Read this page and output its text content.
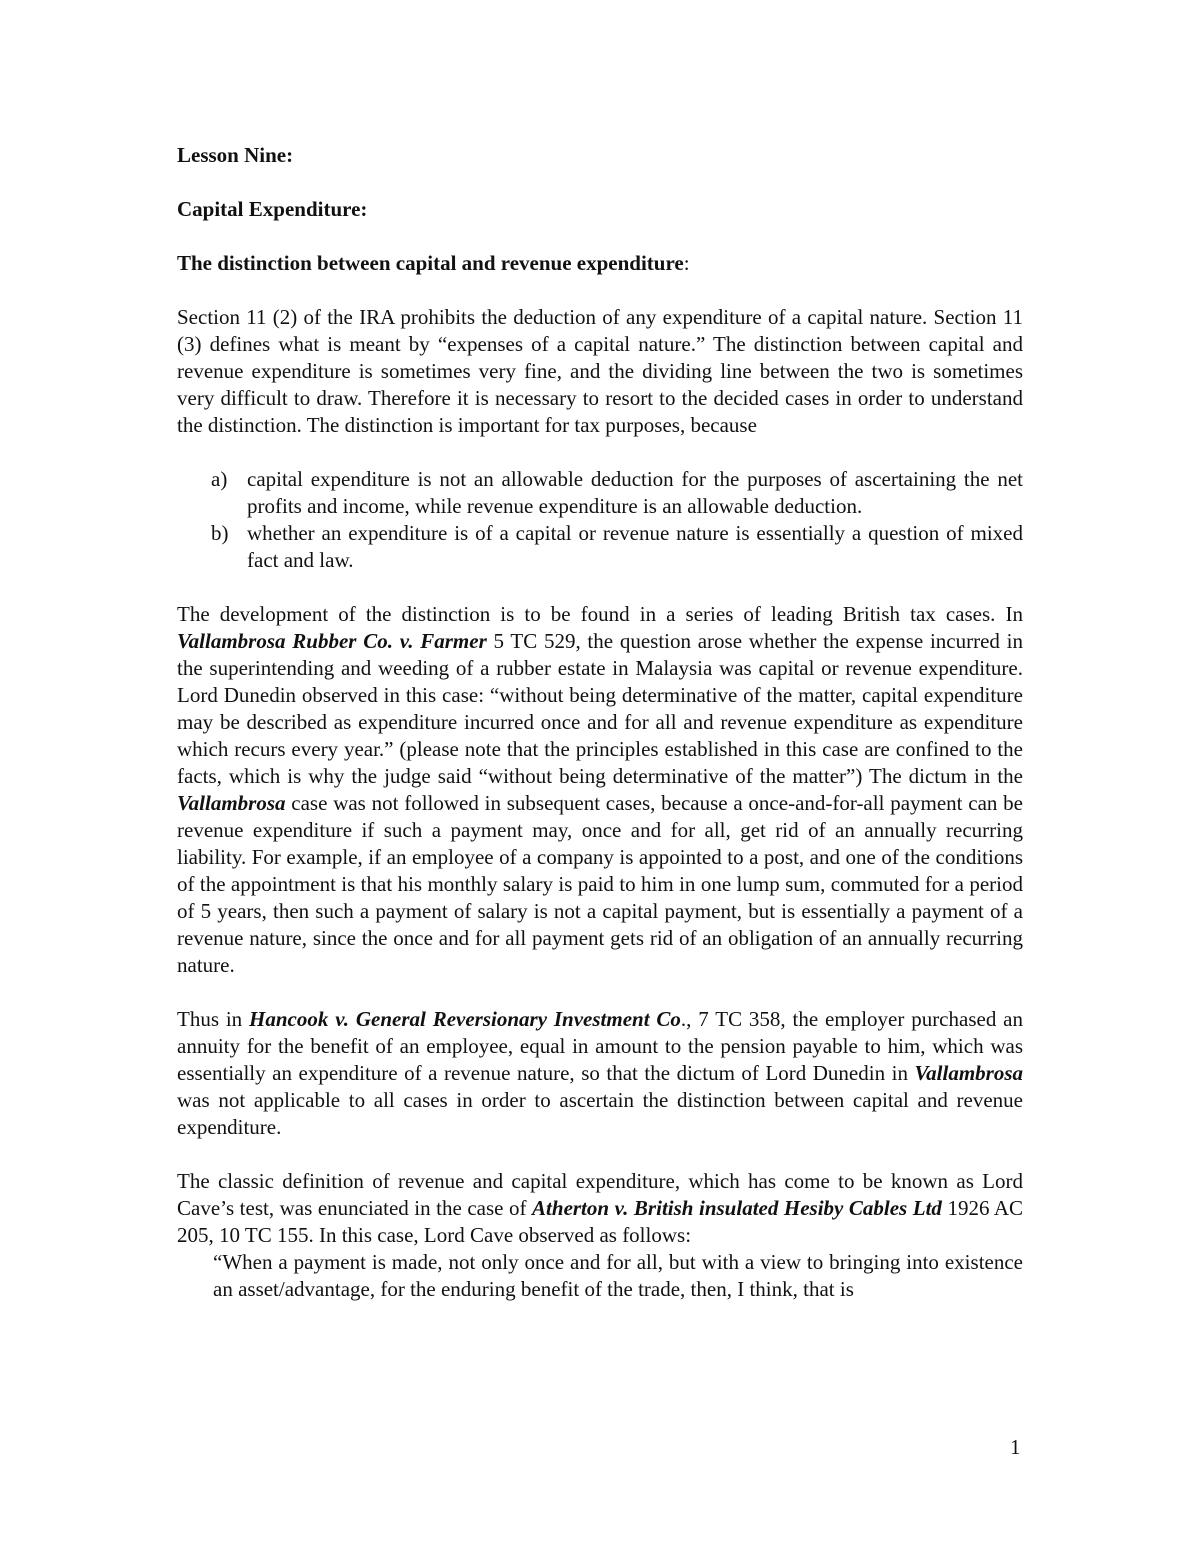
Lesson Nine:

Capital Expenditure:

The distinction between capital and revenue expenditure:

Section 11 (2) of the IRA prohibits the deduction of any expenditure of a capital nature. Section 11 (3) defines what is meant by “expenses of a capital nature.” The distinction between capital and revenue expenditure is sometimes very fine, and the dividing line between the two is sometimes very difficult to draw. Therefore it is necessary to resort to the decided cases in order to understand the distinction. The distinction is important for tax purposes, because

a) capital expenditure is not an allowable deduction for the purposes of ascertaining the net profits and income, while revenue expenditure is an allowable deduction.
b) whether an expenditure is of a capital or revenue nature is essentially a question of mixed fact and law.

The development of the distinction is to be found in a series of leading British tax cases. In Vallambrosa Rubber Co. v. Farmer 5 TC 529, the question arose whether the expense incurred in the superintending and weeding of a rubber estate in Malaysia was capital or revenue expenditure. Lord Dunedin observed in this case: “without being determinative of the matter, capital expenditure may be described as expenditure incurred once and for all and revenue expenditure as expenditure which recurs every year.” (please note that the principles established in this case are confined to the facts, which is why the judge said “without being determinative of the matter”) The dictum in the Vallambrosa case was not followed in subsequent cases, because a once-and-for-all payment can be revenue expenditure if such a payment may, once and for all, get rid of an annually recurring liability. For example, if an employee of a company is appointed to a post, and one of the conditions of the appointment is that his monthly salary is paid to him in one lump sum, commuted for a period of 5 years, then such a payment of salary is not a capital payment, but is essentially a payment of a revenue nature, since the once and for all payment gets rid of an obligation of an annually recurring nature.

Thus in Hancook v. General Reversionary Investment Co., 7 TC 358, the employer purchased an annuity for the benefit of an employee, equal in amount to the pension payable to him, which was essentially an expenditure of a revenue nature, so that the dictum of Lord Dunedin in Vallambrosa was not applicable to all cases in order to ascertain the distinction between capital and revenue expenditure.

The classic definition of revenue and capital expenditure, which has come to be known as Lord Cave’s test, was enunciated in the case of Atherton v. British insulated Hesiby Cables Ltd 1926 AC 205, 10 TC 155. In this case, Lord Cave observed as follows:

“When a payment is made, not only once and for all, but with a view to bringing into existence an asset/advantage, for the enduring benefit of the trade, then, I think, that is

1
